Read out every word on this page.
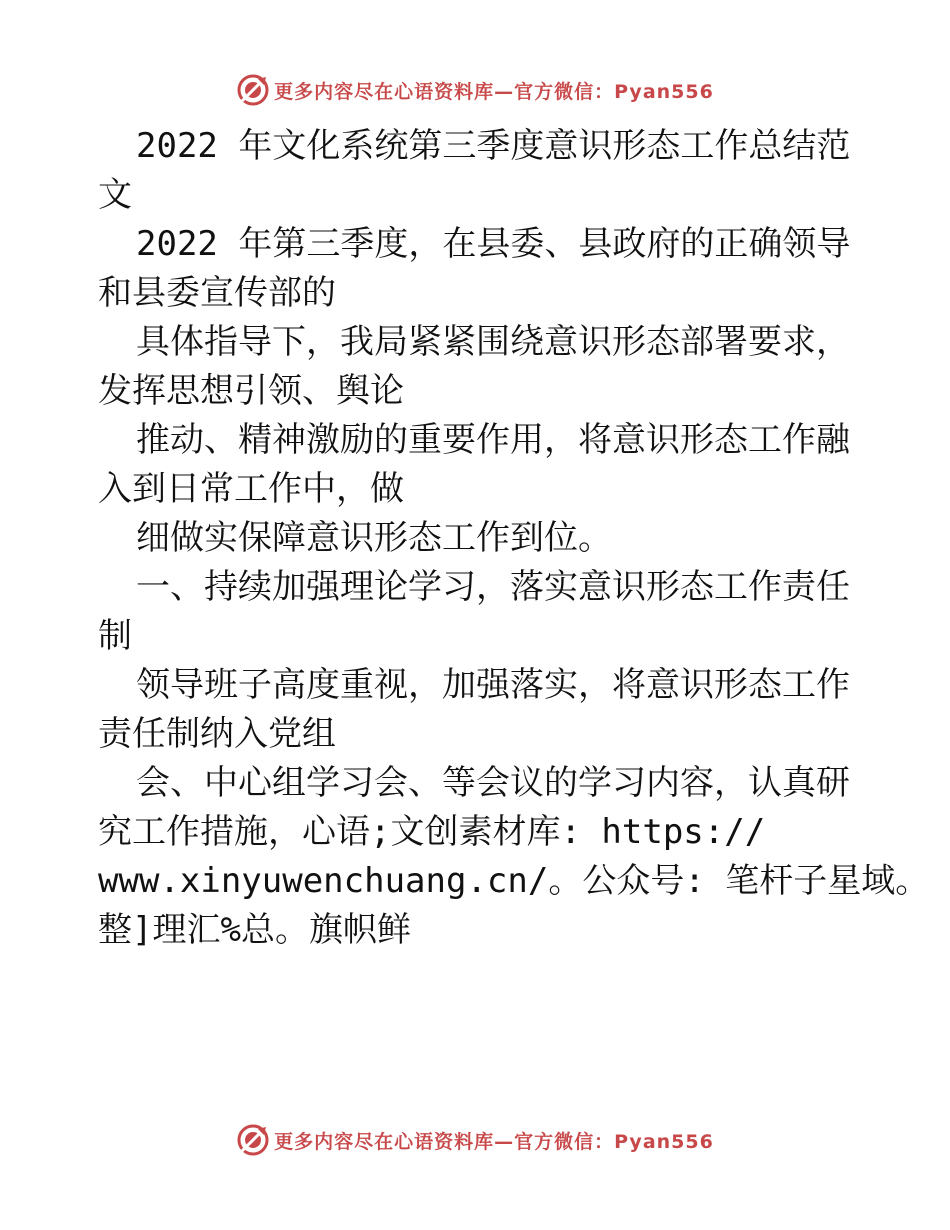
更多内容尽在心语资料库—官方微信：Pyan556
2022 年文化系统第三季度意识形态工作总结范
文
2022 年第三季度，在县委、县政府的正确领导
和县委宣传部的
具体指导下，我局紧紧围绕意识形态部署要求，
发挥思想引领、舆论
推动、精神激励的重要作用，将意识形态工作融
入到日常工作中，做
细做实保障意识形态工作到位。
一、持续加强理论学习，落实意识形态工作责任
制
领导班子高度重视，加强落实，将意识形态工作
责任制纳入党组
会、中心组学习会、等会议的学习内容，认真研
究工作措施，心语;文创素材库: https://
www.xinyuwenchuang.cn/。公众号: 笔杆子星域。
整]理汇%总。旗帜鲜
更多内容尽在心语资料库—官方微信：Pyan556
